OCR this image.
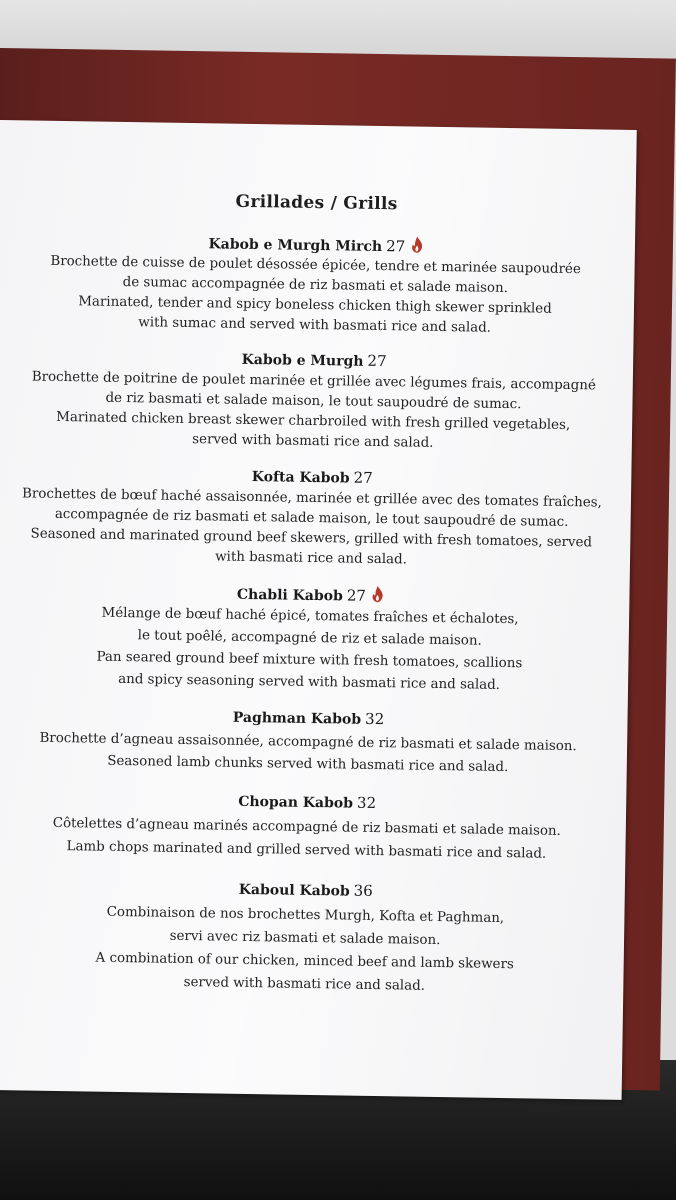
Grillades / Grills
Kabob e Murgh Mirch 27
Brochette de cuisse de poulet désossée épicée, tendre et marinée saupoudrée
de sumac accompagnée de riz basmati et salade maison.
Marinated, tender and spicy boneless chicken thigh skewer sprinkled
with sumac and served with basmati rice and salad.
Kabob e Murgh 27
Brochette de poitrine de poulet marinée et grillée avec légumes frais, accompagné
de riz basmati et salade maison, le tout saupoudré de sumac.
Marinated chicken breast skewer charbroiled with fresh grilled vegetables,
served with basmati rice and salad.
Kofta Kabob 27
Brochettes de bœuf haché assaisonnée, marinée et grillée avec des tomates fraîches,
accompagnée de riz basmati et salade maison, le tout saupoudré de sumac.
Seasoned and marinated ground beef skewers, grilled with fresh tomatoes, served
with basmati rice and salad.
Chabli Kabob 27
Mélange de bœuf haché épicé, tomates fraîches et échalotes,
le tout poêlé, accompagné de riz et salade maison.
Pan seared ground beef mixture with fresh tomatoes, scallions
and spicy seasoning served with basmati rice and salad.
Paghman Kabob 32
Brochette d’agneau assaisonnée, accompagné de riz basmati et salade maison.
Seasoned lamb chunks served with basmati rice and salad.
Chopan Kabob 32
Côtelettes d’agneau marinés accompagné de riz basmati et salade maison.
Lamb chops marinated and grilled served with basmati rice and salad.
Kaboul Kabob 36
Combinaison de nos brochettes Murgh, Kofta et Paghman,
servi avec riz basmati et salade maison.
A combination of our chicken, minced beef and lamb skewers
served with basmati rice and salad.
